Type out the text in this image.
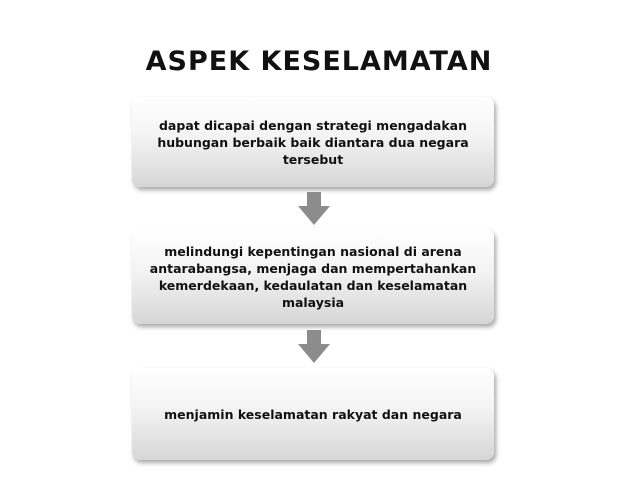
ASPEK KESELAMATAN
dapat dicapai dengan strategi mengadakan hubungan berbaik baik diantara dua negara tersebut
melindungi kepentingan nasional di arena antarabangsa, menjaga dan mempertahankan kemerdekaan, kedaulatan dan keselamatan malaysia
menjamin keselamatan rakyat dan negara
